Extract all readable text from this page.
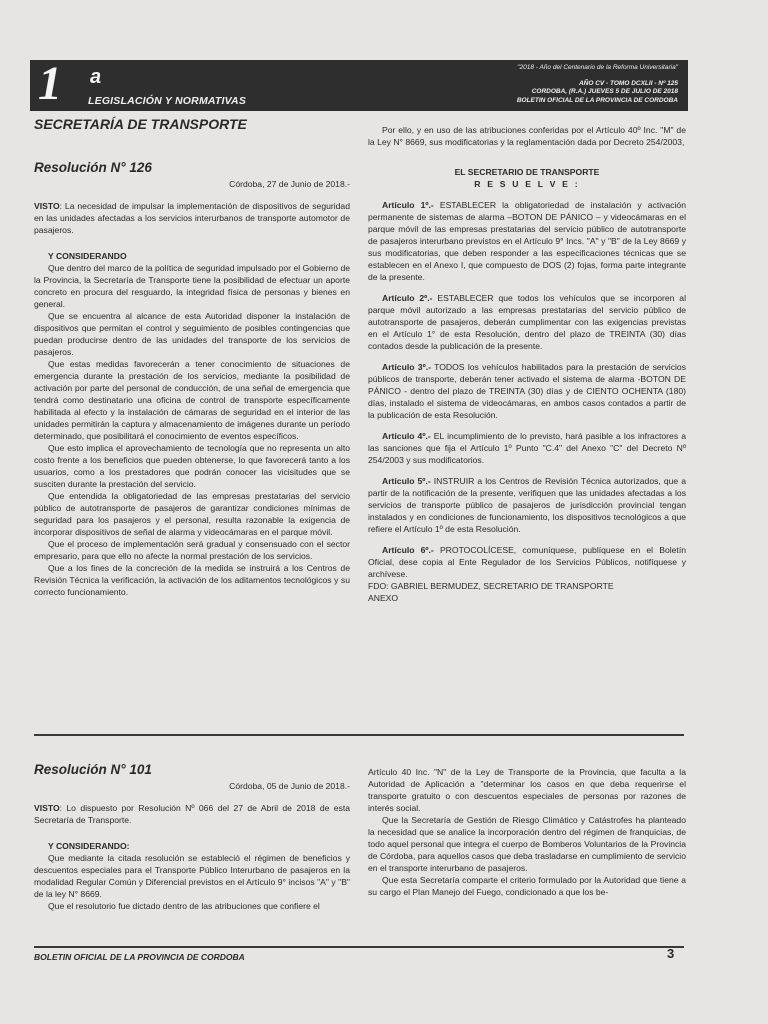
1 a
LEGISLACIÓN Y NORMATIVAS
"2018 - Año del Centenario de la Reforma Universitaria"
AÑO CV - TOMO DCXLII - Nº 125
CORDOBA, (R.A.) JUEVES 5 DE JULIO DE 2018
BOLETIN OFICIAL DE LA PROVINCIA DE CORDOBA
SECRETARÍA DE TRANSPORTE
Resolución N° 126
Córdoba, 27 de Junio de 2018.-

VISTO: La necesidad de impulsar la implementación de dispositivos de seguridad en las unidades afectadas a los servicios interurbanos de transporte automotor de pasajeros.

Y CONSIDERANDO

Que dentro del marco de la política de seguridad impulsado por el Gobierno de la Provincia, la Secretaría de Transporte tiene la posibilidad de efectuar un aporte concreto en procura del resguardo, la integridad física de personas y bienes en general.

Que se encuentra al alcance de esta Autoridad disponer la instalación de dispositivos que permitan el control y seguimiento de posibles contingencias que puedan producirse dentro de las unidades del transporte de los servicios de pasajeros.

Que estas medidas favorecerán a tener conocimiento de situaciones de emergencia durante la prestación de los servicios, mediante la posibilidad de activación por parte del personal de conducción, de una señal de emergencia que tendrá como destinatario una oficina de control de transporte específicamente habilitada al efecto y la instalación de cámaras de seguridad en el interior de las unidades permitirán la captura y almacenamiento de imágenes durante un período determinado, que posibilitará el conocimiento de eventos específicos.

Que esto implica el aprovechamiento de tecnología que no representa un alto costo frente a los beneficios que pueden obtenerse, lo que favorecerá tanto a los usuarios, como a los prestadores que podrán conocer las vicisitudes que se susciten durante la prestación del servicio.

Que entendida la obligatoriedad de las empresas prestatarias del servicio público de autotransporte de pasajeros de garantizar condiciones mínimas de seguridad para los pasajeros y el personal, resulta razonable la exigencia de incorporar dispositivos de señal de alarma y videocámaras en el parque móvil.

Que el proceso de implementación será gradual y consensuado con el sector empresario, para que ello no afecte la normal prestación de los servicios.

Que a los fines de la concreción de la medida se instruirá a los Centros de Revisión Técnica la verificación, la activación de los aditamentos tecnológicos y su correcto funcionamiento.

Por ello, y en uso de las atribuciones conferidas por el Artículo 40º Inc. "M" de la Ley N° 8669, sus modificatorias y la reglamentación dada por Decreto 254/2003,

EL SECRETARIO DE TRANSPORTE

R E S U E L V E :

Artículo 1º.- ESTABLECER la obligatoriedad de instalación y activación permanente de sistemas de alarma –BOTON DE PÁNICO – y videocámaras en el parque móvil de las empresas prestatarias del servicio público de autotransporte de pasajeros interurbano previstos en el Artículo 9° Incs. "A" y "B" de la Ley 8669 y sus modificatorias, que deben responder a las especificaciones técnicas que se establecen en el Anexo I, que compuesto de DOS (2) fojas, forma parte integrante de la presente.

Artículo 2º.- ESTABLECER que todos los vehículos que se incorporen al parque móvil autorizado a las empresas prestatarias del servicio público de autotransporte de pasajeros, deberán cumplimentar con las exigencias previstas en el Artículo 1° de esta Resolución, dentro del plazo de TREINTA (30) días contados desde la publicación de la presente.

Artículo 3º.- TODOS los vehículos habilitados para la prestación de servicios públicos de transporte, deberán tener activado el sistema de alarma -BOTON DE PÁNICO - dentro del plazo de TREINTA (30) días y de CIENTO OCHENTA (180) días, instalado el sistema de videocámaras, en ambos casos contados a partir de la publicación de esta Resolución.

Artículo 4º.- EL incumplimiento de lo previsto, hará pasible a los infractores a las sanciones que fija el Artículo 1º Punto "C.4" del Anexo "C" del Decreto Nº 254/2003 y sus modificatorios.

Artículo 5º.- INSTRUIR a los Centros de Revisión Técnica autorizados, que a partir de la notificación de la presente, verifiquen que las unidades afectadas a los servicios de transporte público de pasajeros de jurisdicción provincial tengan instalados y en condiciones de funcionamiento, los dispositivos tecnológicos a que refiere el Artículo 1º de esta Resolución.

Artículo 6º.- PROTOCOLÍCESE, comuníquese, publíquese en el Boletín Oficial, dese copia al Ente Regulador de los Servicios Públicos, notifíquese y archívese.

FDO: GABRIEL BERMUDEZ, SECRETARIO DE TRANSPORTE

ANEXO

Resolución N° 101
Córdoba, 05 de Junio de 2018.-

VISTO: Lo dispuesto por Resolución Nº 066 del 27 de Abril de 2018 de esta Secretaría de Transporte.

Y CONSIDERANDO:

Que mediante la citada resolución se estableció el régimen de beneficios y descuentos especiales para el Transporte Público Interurbano de pasajeros en la modalidad Regular Común y Diferencial previstos en el Artículo 9° incisos "A" y "B" de la ley N° 8669.

Que el resolutorio fue dictado dentro de las atribuciones que confiere el

Artículo 40 Inc. "N" de la Ley de Transporte de la Provincia, que faculta a la Autoridad de Aplicación a "determinar los casos en que deba requerirse el transporte gratuito o con descuentos especiales de personas por razones de interés social.

Que la Secretaría de Gestión de Riesgo Climático y Catástrofes ha planteado la necesidad que se analice la incorporación dentro del régimen de franquicias, de todo aquel personal que integra el cuerpo de Bomberos Voluntarios de la Provincia de Córdoba, para aquellos casos que deba trasladarse en cumplimiento de servicio en el transporte interurbano de pasajeros.

Que esta Secretaría comparte el criterio formulado por la Autoridad que tiene a su cargo el Plan Manejo del Fuego, condicionado a que los be-

BOLETIN OFICIAL DE LA PROVINCIA DE CORDOBA	3
